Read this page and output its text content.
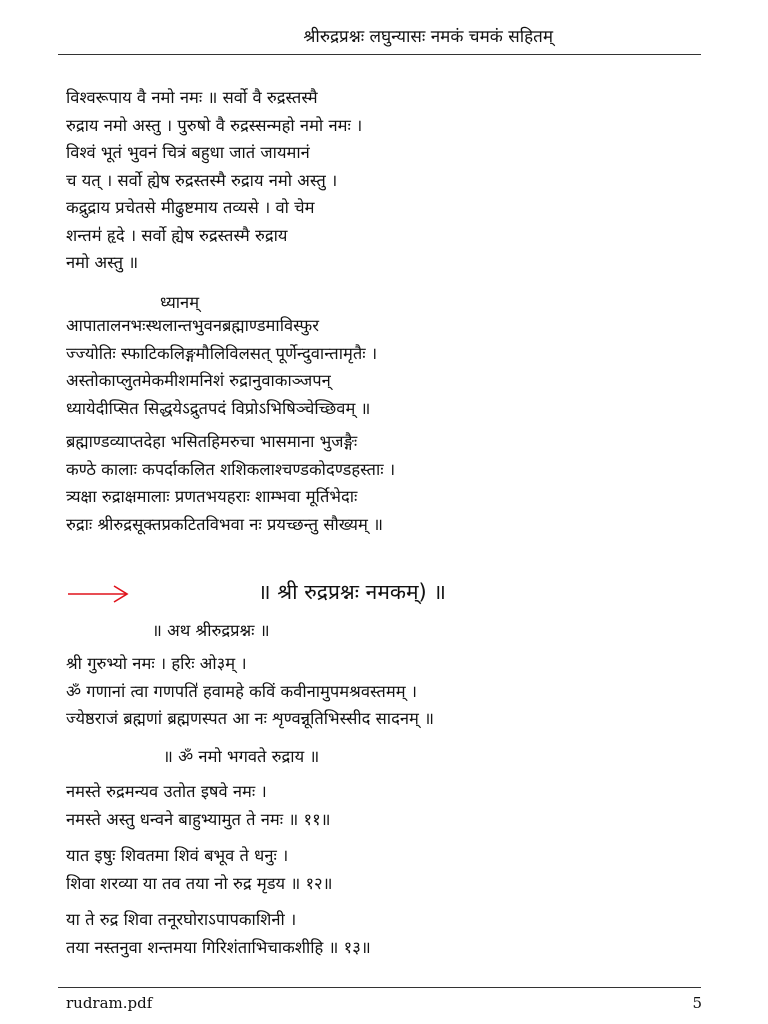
श्रीरुद्रप्रश्नः लघुन्यासः नमकं चमकं सहितम्
विश्वरूपाय वै नमो नमः ॥ सर्वो वै रुद्रस्तस्मै
रुद्राय नमो अस्तु । पुरुषो वै रुद्रस्सन्महो नमो नमः ।
विश्वं भूतं भुवनं चित्रं बहुधा जातं जायमानं
च यत् । सर्वो ह्येष रुद्रस्तस्मै रुद्राय नमो अस्तु ।
कद्रुद्राय प्रचेतसे मीढुष्टमाय तव्यसे । वो चेम
शन्तम॑ हृदे । सर्वो ह्येष रुद्रस्तस्मै रुद्राय
नमो अस्तु ॥
ध्यानम्
आपातालनभःस्थलान्तभुवनब्रह्माण्डमाविस्फुर
ज्ज्योतिः स्फाटिकलिङ्गमौलिविलसत् पूर्णेन्दुवान्तामृतैः ।
अस्तोकाप्लुतमेकमीशमनिशं रुद्रानुवाकाञ्जपन्
ध्यायेदीप्सित सिद्धयेऽद्रुतपदं विप्रोऽभिषिञ्चेच्छिवम् ॥
ब्रह्माण्डव्याप्तदेहा भसितहिमरुचा भासमाना भुजङ्गैः
कण्ठे कालाः कपर्दाकलित शशिकलाश्चण्डकोदण्डहस्ताः ।
त्र्यक्षा रुद्राक्षमालाः प्रणतभयहराः शाम्भवा मूर्तिभेदाः
रुद्राः श्रीरुद्रसूक्तप्रकटितविभवा नः प्रयच्छन्तु सौख्यम् ॥
॥ श्री रुद्रप्रश्नः नमकम्) ॥
॥ अथ श्रीरुद्रप्रश्नः ॥
श्री गुरुभ्यो नमः । हरिः ओ३म् ।
ॐ गणानां त्वा गणपति॑ हवामहे कविं कवीनामुपमश्रवस्तमम् ।
ज्येष्ठराजं ब्रह्मणां ब्रह्मणस्पत आ नः शृण्वन्नूतिभिस्सीद सादनम् ॥
॥ ॐ नमो भगवते रुद्राय ॥
नमस्ते रुद्रमन्यव उतोत इषवे नमः ।
नमस्ते अस्तु धन्वने बाहुभ्यामुत ते नमः ॥ ११॥
यात इषुः शिवतमा शिवं बभूव ते धनुः ।
शिवा शरव्या या तव तया नो रुद्र मृडय ॥ १२॥
या ते रुद्र शिवा तनूरघोराऽपापकाशिनी ।
तया नस्तनुवा शन्तमया गिरिशंताभिचाकशीहि ॥ १३॥
rudram.pdf	5
